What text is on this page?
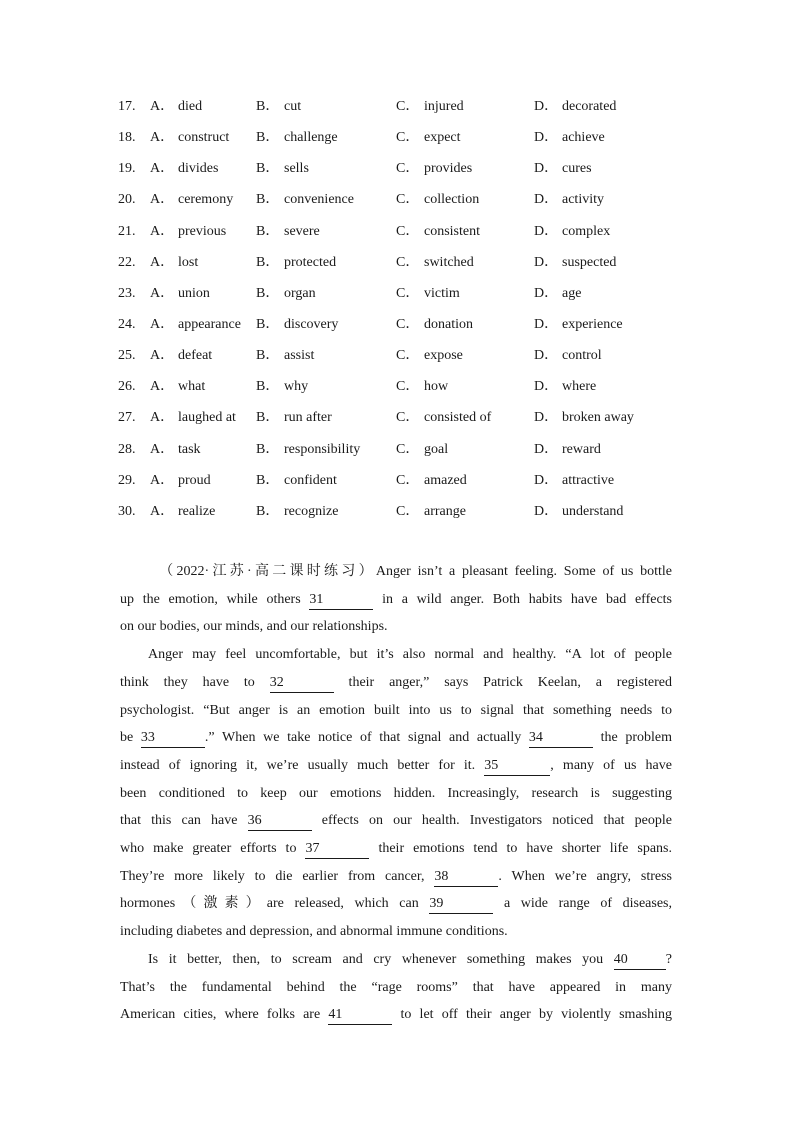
17.	A． died	B． cut	C． injured	D． decorated
18.	A． construct B． challenge	C． expect	D． achieve
19.	A． divides	B． sells	C． provides	D． cures
20.	A． ceremony B． convenience	C． collection	D． activity
21.	A． previous B． severe	C． consistent	D． complex
22.	A． lost	B． protected	C． switched	D． suspected
23.	A． union	B． organ	C． victim	D． age
24.	A． appearance B． discovery	C． donation	D． experience
25.	A． defeat	B． assist	C． expose	D． control
26.	A． what	B． why	C． how	D． where
27.	A． laughed at B． run after	C． consisted of	D． broken away
28.	A． task	B． responsibility	C． goal	D． reward
29.	A． proud	B． confident	C． amazed	D． attractive
30.	A． realize	B． recognize	C． arrange	D． understand

（2022·江苏·高二课时练习）Anger isn’t a pleasant feeling. Some of us bottle
up the emotion, while others 31	in a wild anger. Both habits have bad effects

on our bodies, our minds, and our relationships.

Anger may feel uncomfortable, but it’s also normal and healthy. “A lot of people
think they have to 32	their anger,” says Patrick Keelan, a registered
psychologist. “But anger is an emotion built into us to signal that something needs to
be 33	.” When we take notice of that signal and actually 34	the problem
instead of ignoring it, we’re usually much better for it. 35	, many of us have
been conditioned to keep our emotions hidden. Increasingly, research is suggesting
that this can have 36	effects on our health. Investigators noticed that people
who make greater efforts to 37	their emotions tend to have shorter life spans.
They’re more likely to die earlier from cancer, 38	. When we’re angry, stress
hormones（激素）are released, which can 39	a wide range of diseases,

including diabetes and depression, and abnormal immune conditions.

Is it better, then, to scream and cry whenever something makes you 40	?
That’s the fundamental behind the “rage rooms” that have appeared in many
American cities, where folks are 41	to let off their anger by violently smashing
